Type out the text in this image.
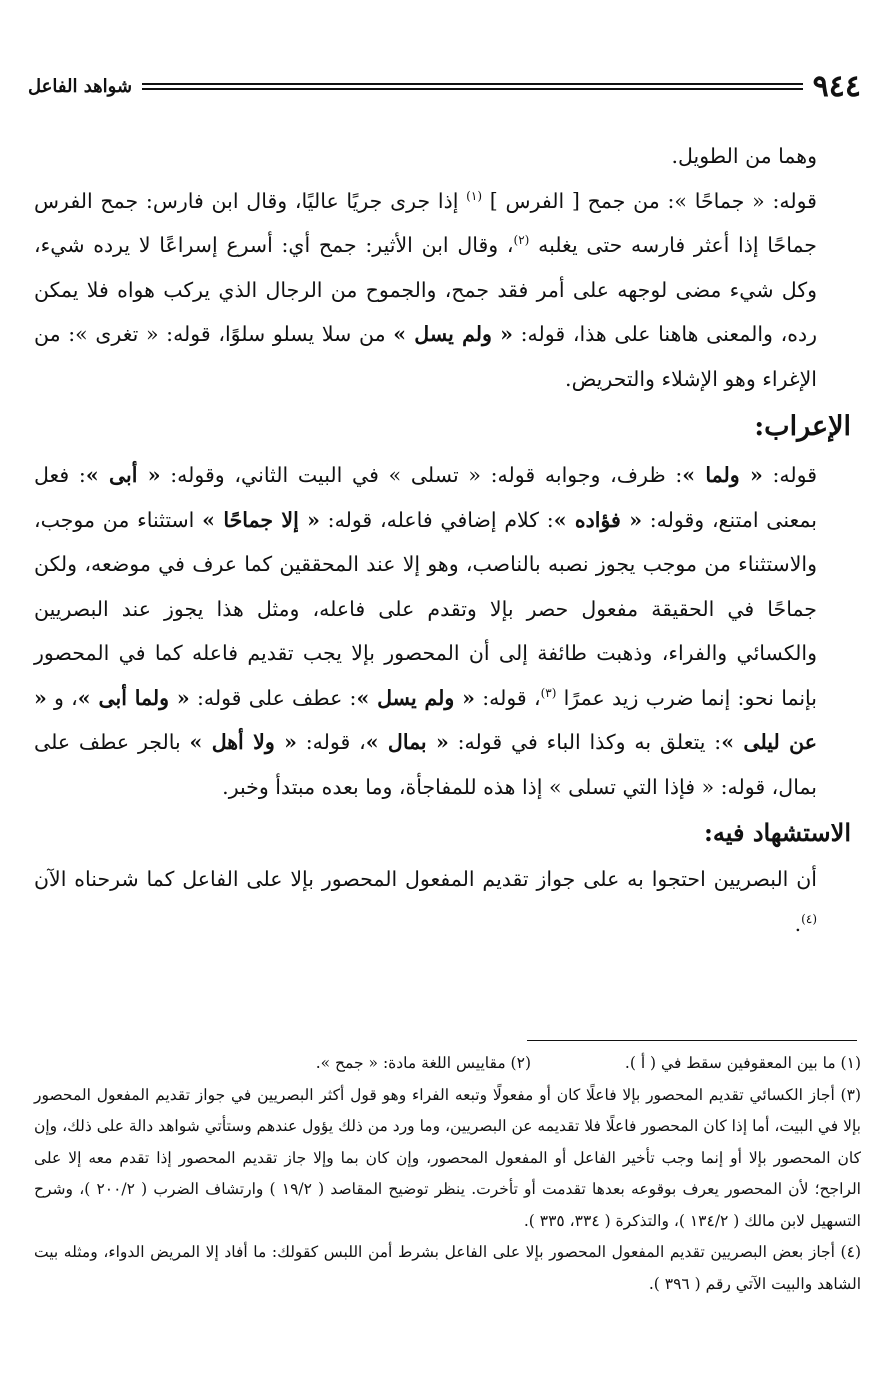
٩٤٤
شواهد الفاعل

وهما من الطويل.

قوله: « جماحًا »: من جمح [ الفرس ] $^{(١)}$ إذا جرى جريًا عاليًا، وقال ابن فارس: جمح الفرس جماحًا إذا أعثر فارسه حتى يغلبه $^{(٢)}$، وقال ابن الأثير: جمح أي: أسرع إسراعًا لا يرده شيء، وكل شيء مضى لوجهه على أمر فقد جمح، والجموح من الرجال الذي يركب هواه فلا يمكن رده، والمعنى هاهنا على هذا، قوله: « ولم يسل » من سلا يسلو سلوًا، قوله: « تغرى »: من الإغراء وهو الإشلاء والتحريض.

الإعراب:

قوله: « ولما »: ظرف، وجوابه قوله: « تسلى » في البيت الثاني، وقوله: « أبى »: فعل بمعنى امتنع، وقوله: « فؤاده »: كلام إضافي فاعله، قوله: « إلا جماحًا » استثناء من موجب، والاستثناء من موجب يجوز نصبه بالناصب، وهو إلا عند المحققين كما عرف في موضعه، ولكن جماحًا في الحقيقة مفعول حصر بإلا وتقدم على فاعله، ومثل هذا يجوز عند البصريين والكسائي والفراء، وذهبت طائفة إلى أن المحصور بإلا يجب تقديم فاعله كما في المحصور بإنما نحو: إنما ضرب زيد عمرًا $^{(٣)}$، قوله: « ولم يسل »: عطف على قوله: « ولما أبى »، و « عن ليلى »: يتعلق به وكذا الباء في قوله: « بمال »، قوله: « ولا أهل » بالجر عطف على بمال، قوله: « فإذا التي تسلى » إذا هذه للمفاجأة، وما بعده مبتدأ وخبر.

الاستشهاد فيه:

أن البصريين احتجوا به على جواز تقديم المفعول المحصور بإلا على الفاعل كما شرحناه الآن $^{(٤)}$.

(١) ما بين المعقوفين سقط في ( أ ).
(٢) مقاييس اللغة مادة: « جمح ».

(٣) أجاز الكسائي تقديم المحصور بإلا فاعلًا كان أو مفعولًا وتبعه الفراء وهو قول أكثر البصريين في جواز تقديم المفعول المحصور بإلا في البيت، أما إذا كان المحصور فاعلًا فلا تقديمه عن البصريين، وما ورد من ذلك يؤول عندهم وستأتي شواهد دالة على ذلك، وإن كان المحصور بإلا أو إنما وجب تأخير الفاعل أو المفعول المحصور، وإن كان بما وإلا جاز تقديم المحصور إذا تقدم معه إلا على الراجح؛ لأن المحصور يعرف بوقوعه بعدها تقدمت أو تأخرت. ينظر توضيح المقاصد ( ١٩/٢ ) وارتشاف الضرب ( ٢٠٠/٢ )، وشرح التسهيل لابن مالك ( ١٣٤/٢ )، والتذكرة ( ٣٣٤، ٣٣٥ ).

(٤) أجاز بعض البصريين تقديم المفعول المحصور بإلا على الفاعل بشرط أمن اللبس كقولك: ما أفاد إلا المريض الدواء، ومثله بيت الشاهد والبيت الآتي رقم ( ٣٩٦ ).
